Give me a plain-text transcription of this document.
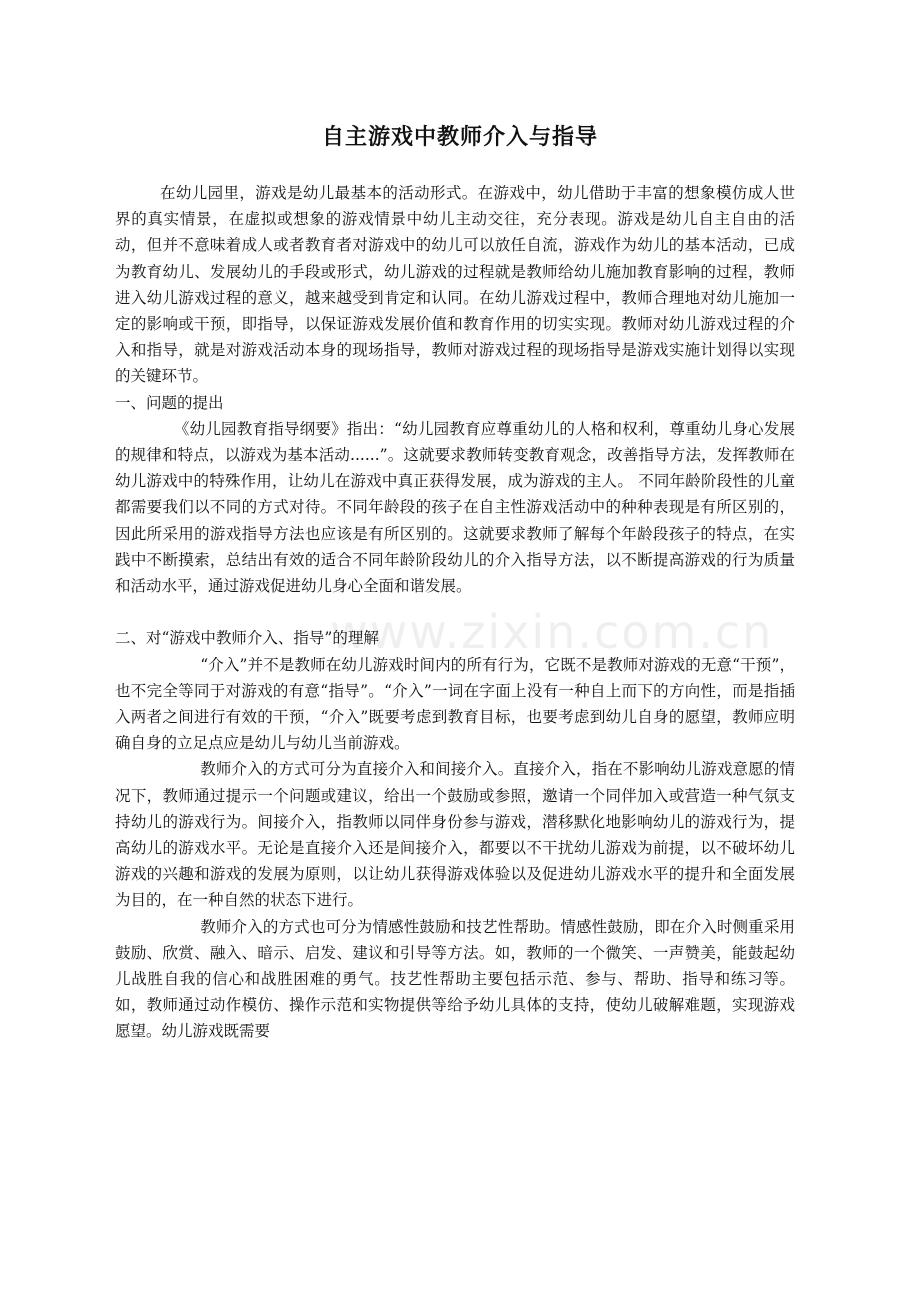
自主游戏中教师介入与指导
www.zixin.com.cn

在幼儿园里，游戏是幼儿最基本的活动形式。在游戏中，幼儿借助于丰富的想象模仿成人世界的真实情景，在虚拟或想象的游戏情景中幼儿主动交往，充分表现。游戏是幼儿自主自由的活动，但并不意味着成人或者教育者对游戏中的幼儿可以放任自流，游戏作为幼儿的基本活动，已成为教育幼儿、发展幼儿的手段或形式，幼儿游戏的过程就是教师给幼儿施加教育影响的过程，教师进入幼儿游戏过程的意义，越来越受到肯定和认同。在幼儿游戏过程中，教师合理地对幼儿施加一定的影响或干预，即指导，以保证游戏发展价值和教育作用的切实实现。教师对幼儿游戏过程的介入和指导，就是对游戏活动本身的现场指导，教师对游戏过程的现场指导是游戏实施计划得以实现的关键环节。

一、问题的提出

《幼儿园教育指导纲要》指出：“幼儿园教育应尊重幼儿的人格和权利，尊重幼儿身心发展的规律和特点，以游戏为基本活动......”。这就要求教师转变教育观念，改善指导方法，发挥教师在幼儿游戏中的特殊作用，让幼儿在游戏中真正获得发展，成为游戏的主人。 不同年龄阶段性的儿童都需要我们以不同的方式对待。不同年龄段的孩子在自主性游戏活动中的种种表现是有所区别的，因此所采用的游戏指导方法也应该是有所区别的。这就要求教师了解每个年龄段孩子的特点，在实践中不断摸索，总结出有效的适合不同年龄阶段幼儿的介入指导方法，以不断提高游戏的行为质量和活动水平，通过游戏促进幼儿身心全面和谐发展。

二、对“游戏中教师介入、指导”的理解

“介入”并不是教师在幼儿游戏时间内的所有行为，它既不是教师对游戏的无意“干预”，也不完全等同于对游戏的有意“指导”。“介入”一词在字面上没有一种自上而下的方向性，而是指插入两者之间进行有效的干预，“介入”既要考虑到教育目标，也要考虑到幼儿自身的愿望，教师应明确自身的立足点应是幼儿与幼儿当前游戏。

教师介入的方式可分为直接介入和间接介入。直接介入，指在不影响幼儿游戏意愿的情况下，教师通过提示一个问题或建议，给出一个鼓励或参照，邀请一个同伴加入或营造一种气氛支持幼儿的游戏行为。间接介入，指教师以同伴身份参与游戏，潜移默化地影响幼儿的游戏行为，提高幼儿的游戏水平。无论是直接介入还是间接介入，都要以不干扰幼儿游戏为前提，以不破坏幼儿游戏的兴趣和游戏的发展为原则，以让幼儿获得游戏体验以及促进幼儿游戏水平的提升和全面发展为目的，在一种自然的状态下进行。

教师介入的方式也可分为情感性鼓励和技艺性帮助。情感性鼓励，即在介入时侧重采用鼓励、欣赏、融入、暗示、启发、建议和引导等方法。如，教师的一个微笑、一声赞美，能鼓起幼儿战胜自我的信心和战胜困难的勇气。技艺性帮助主要包括示范、参与、帮助、指导和练习等。如，教师通过动作模仿、操作示范和实物提供等给予幼儿具体的支持，使幼儿破解难题，实现游戏愿望。幼儿游戏既需要
